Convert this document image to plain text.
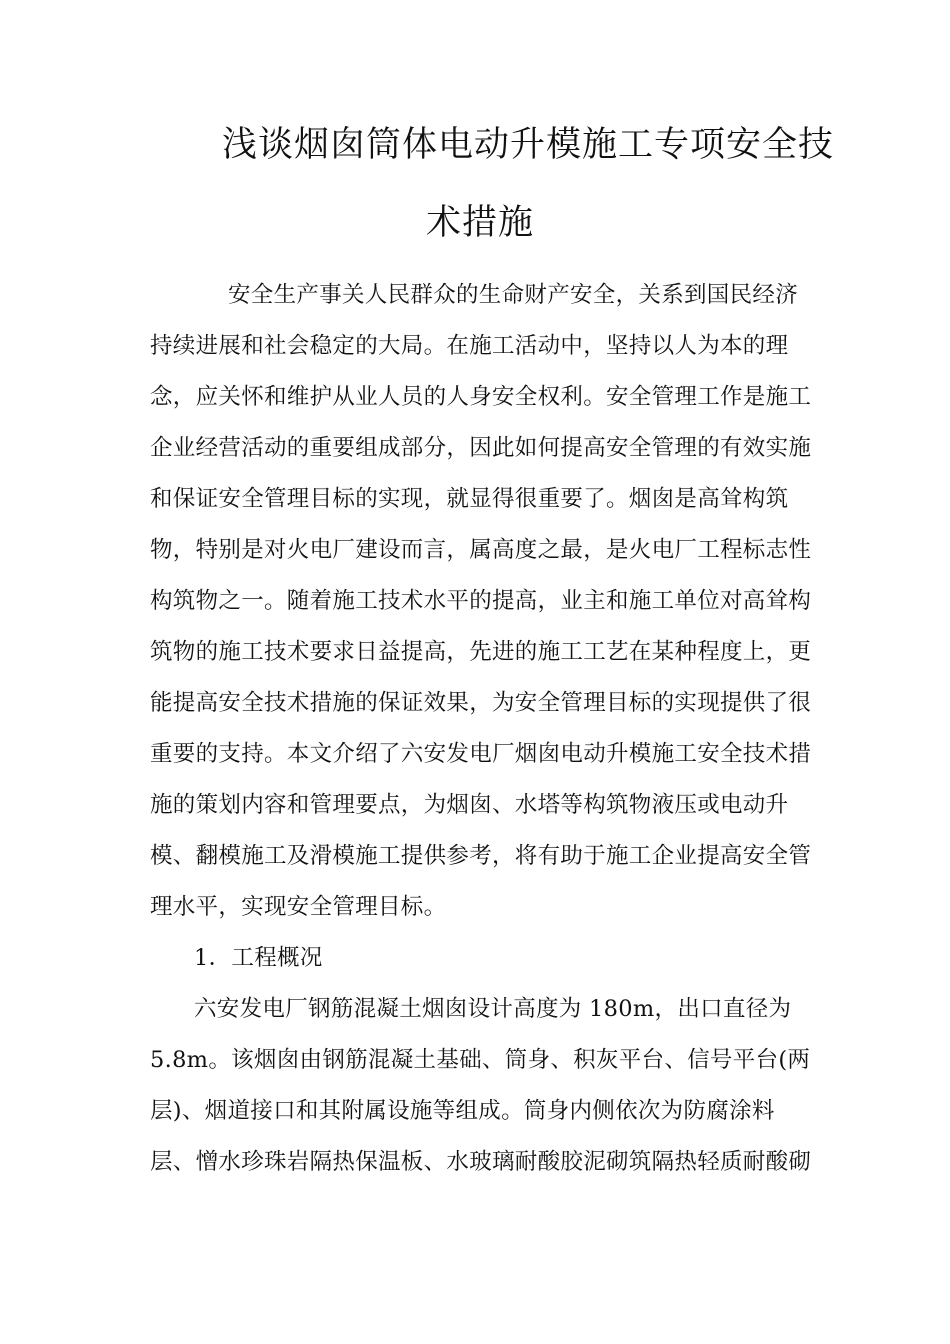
浅谈烟囱筒体电动升模施工专项安全技
术措施
安全生产事关人民群众的生命财产安全，关系到国民经济
持续进展和社会稳定的大局。在施工活动中，坚持以人为本的理
念，应关怀和维护从业人员的人身安全权利。安全管理工作是施工
企业经营活动的重要组成部分，因此如何提高安全管理的有效实施
和保证安全管理目标的实现，就显得很重要了。烟囱是高耸构筑
物，特别是对火电厂建设而言，属高度之最，是火电厂工程标志性
构筑物之一。随着施工技术水平的提高，业主和施工单位对高耸构
筑物的施工技术要求日益提高，先进的施工工艺在某种程度上，更
能提高安全技术措施的保证效果，为安全管理目标的实现提供了很
重要的支持。本文介绍了六安发电厂烟囱电动升模施工安全技术措
施的策划内容和管理要点，为烟囱、水塔等构筑物液压或电动升
模、翻模施工及滑模施工提供参考，将有助于施工企业提高安全管
理水平，实现安全管理目标。
1．工程概况
六安发电厂钢筋混凝土烟囱设计高度为 180m，出口直径为
5.8m。该烟囱由钢筋混凝土基础、筒身、积灰平台、信号平台(两
层)、烟道接口和其附属设施等组成。筒身内侧依次为防腐涂料
层、憎水珍珠岩隔热保温板、水玻璃耐酸胶泥砌筑隔热轻质耐酸砌
